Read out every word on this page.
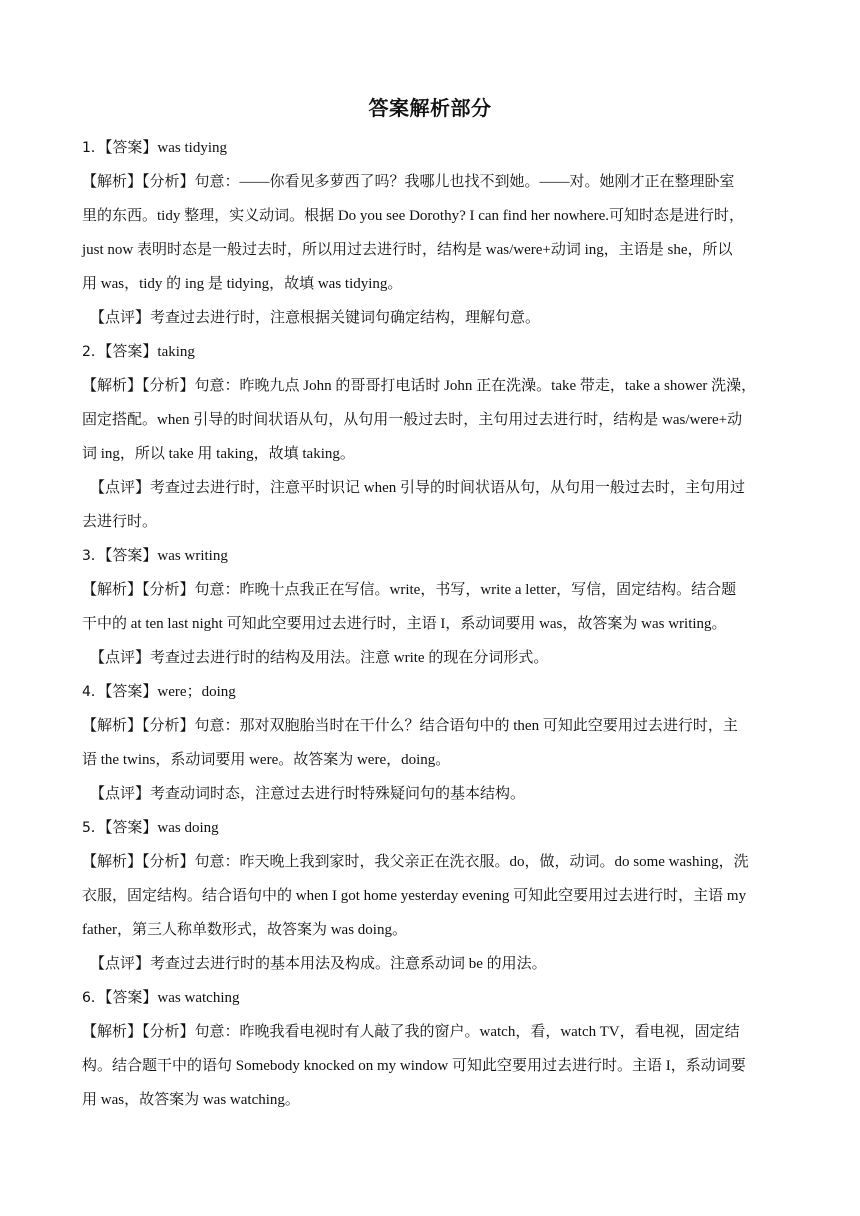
答案解析部分
1．【答案】was tidying
【解析】【分析】句意：——你看见多萝西了吗？我哪儿也找不到她。——对。她刚才正在整理卧室
里的东西。tidy 整理，实义动词。根据 Do you see Dorothy? I can find her nowhere.可知时态是进行时，
just now 表明时态是一般过去时，所以用过去进行时，结构是 was/were+动词 ing，主语是 she，所以
用 was，tidy 的 ing 是 tidying，故填 was tidying。
【点评】考查过去进行时，注意根据关键词句确定结构，理解句意。
2．【答案】taking
【解析】【分析】句意：昨晚九点 John 的哥哥打电话时 John 正在洗澡。take 带走，take a shower 洗澡，
固定搭配。when 引导的时间状语从句，从句用一般过去时，主句用过去进行时，结构是 was/were+动
词 ing，所以 take 用 taking，故填 taking。
【点评】考查过去进行时，注意平时识记 when 引导的时间状语从句，从句用一般过去时，主句用过
去进行时。
3．【答案】was writing
【解析】【分析】句意：昨晚十点我正在写信。write，书写，write a letter，写信，固定结构。结合题
干中的 at ten last night 可知此空要用过去进行时，主语 I，系动词要用 was，故答案为 was writing。
【点评】考查过去进行时的结构及用法。注意 write 的现在分词形式。
4．【答案】were；doing
【解析】【分析】句意：那对双胞胎当时在干什么？结合语句中的 then 可知此空要用过去进行时，主
语 the twins，系动词要用 were。故答案为 were，doing。
【点评】考查动词时态，注意过去进行时特殊疑问句的基本结构。
5．【答案】was doing
【解析】【分析】句意：昨天晚上我到家时，我父亲正在洗衣服。do，做，动词。do some washing，洗
衣服，固定结构。结合语句中的 when I got home yesterday evening 可知此空要用过去进行时，主语 my
father，第三人称单数形式，故答案为 was doing。
【点评】考查过去进行时的基本用法及构成。注意系动词 be 的用法。
6．【答案】was watching
【解析】【分析】句意：昨晚我看电视时有人敲了我的窗户。watch，看，watch TV，看电视，固定结
构。结合题干中的语句 Somebody knocked on my window 可知此空要用过去进行时。主语 I，系动词要
用 was，故答案为 was watching。
